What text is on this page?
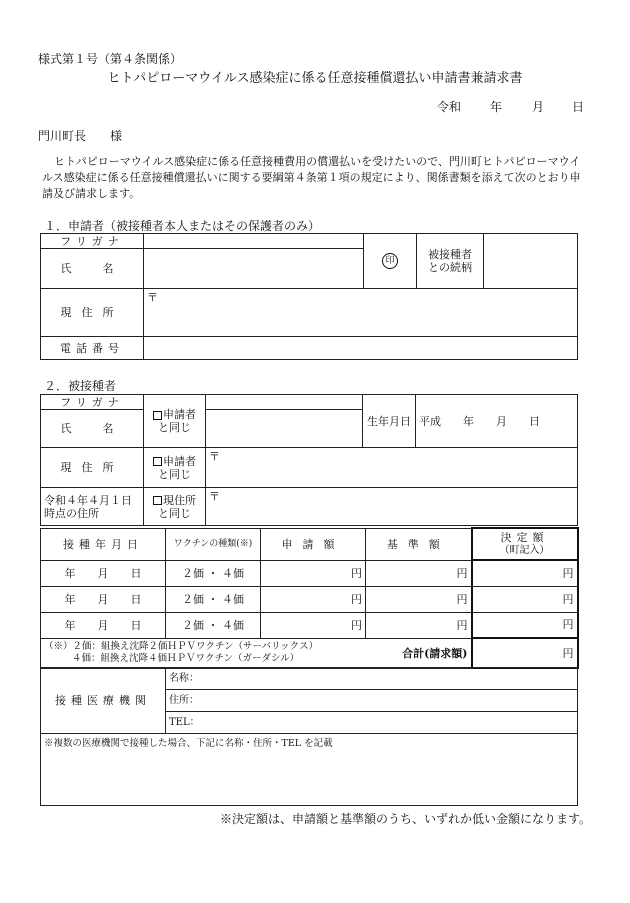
様式第１号（第４条関係）
ヒトパピローマウイルス感染症に係る任意接種償還払い申請書兼請求書
令和 年 月 日
門川町長　　様
ヒトパピローマウイルス感染症に係る任意接種費用の償還払いを受けたいので、門川町ヒトパピローマウイルス感染症に係る任意接種償還払いに関する要綱第４条第１項の規定により、関係書類を添えて次のとおり申請及び請求します。
１．申請者（被接種者本人またはその保護者のみ）
フリガナ		印	被接種者
との続柄	
氏　名				
現住所	〒			
電話番号				
２．被接種者
フリガナ	申請者
と同じ		生年月日	平成　　年　　月　　日
氏　名				
現住所	申請者
と同じ	〒		
令和４年４月１日
時点の住所	現住所
と同じ	〒		
接種年月日	ワクチンの種類(※)	申請額	基準額	決定額
（町記入）

年　　月　　日	２価 ・ ４価	円	円	円
年　　月　　日	２価 ・ ４価	円	円	円
年　　月　　日	２価 ・ ４価	円	円	円

（※）２価：組換え沈降２価ＨＰＶワクチン（サーバリックス）
４価：組換え沈降４価ＨＰＶワクチン（ガーダシル）			合計(請求額)	円
接種医療機関	名称：
住所：
TEL：
※複数の医療機関で接種した場合、下記に名称・住所・TEL を記載
※決定額は、申請額と基準額のうち、いずれか低い金額になります。
